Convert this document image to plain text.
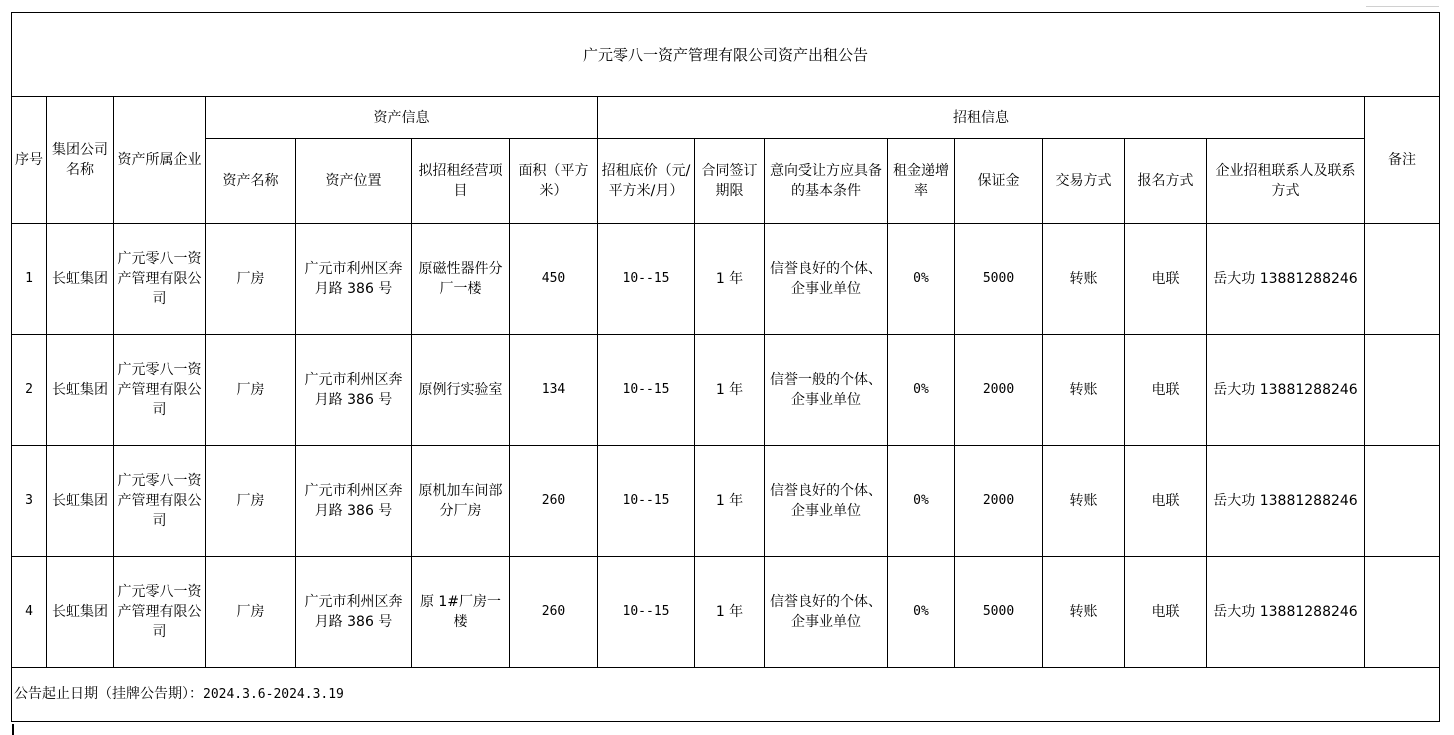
广元零八一资产管理有限公司资产出租公告															
序号	集团公司名称	资产所属企业	资产信息				招租信息								备注
			资产名称	资产位置	拟招租经营项目	面积（平方米）	招租底价（元/平方米/月）	合同签订期限	意向受让方应具备的基本条件	租金递增率	保证金	交易方式	报名方式	企业招租联系人及联系方式	
1	长虹集团	广元零八一资产管理有限公司	厂房	广元市利州区奔月路 386 号	原磁性器件分厂一楼	450	10--15	1 年	信誉良好的个体、企事业单位	0%	5000	转账	电联	岳大功 13881288246	
2	长虹集团	广元零八一资产管理有限公司	厂房	广元市利州区奔月路 386 号	原例行实验室	134	10--15	1 年	信誉一般的个体、企事业单位	0%	2000	转账	电联	岳大功 13881288246	
3	长虹集团	广元零八一资产管理有限公司	厂房	广元市利州区奔月路 386 号	原机加车间部分厂房	260	10--15	1 年	信誉良好的个体、企事业单位	0%	2000	转账	电联	岳大功 13881288246	
4	长虹集团	广元零八一资产管理有限公司	厂房	广元市利州区奔月路 386 号	原 1#厂房一楼	260	10--15	1 年	信誉良好的个体、企事业单位	0%	5000	转账	电联	岳大功 13881288246	
公告起止日期（挂牌公告期）：2024.3.6-2024.3.19															
